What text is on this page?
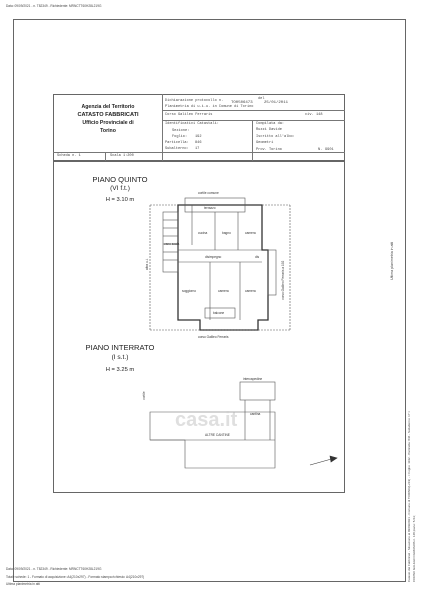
Data: 09/09/2021 - n. T82349 - Richiedente: MRNCTT60H28L219G
Agenzia del Territorio
CATASTO FABBRICATI
Ufficio Provinciale di
Torino
Dichiarazione protocollo n. TO0506473
del
25/01/2011
Planimetria di u.i.u. in Comune di Torino
Corso Galileo Ferraris	civ. 148
Identificativi Catastali:
Sezione:
Foglio: 192
Particella: 846
Subalterno: 17
Compilata da:
Ruzzi Davide
Iscritto all'albo:
Geometri
Prov. Torino	N. 9901
Scheda n. 1	Scala 1:200
PIANO QUINTO
(VI f.t.)
H = 3.10 m
PIANO INTERRATO
(I s.t.)
H = 3.25 m
cortile comune
terrazzo
cucina	bagno	camera
dis
disimpegno
soggiorno	camera	camera
balcone
vano scala
altra u.i.
corso Galileo Ferraris
corso Galileo Ferraris a 192
intercapedine
cantina
cortile
ALTRE CANTINE
casa.it
Ultima planimetria in atti
Catasto dei Fabbricati - Situazione al 09/09/2021 - Comune di TORINO(L219) - < Foglio: 1192 - Particella: 846 - Subalterno: 17 > CORSO GALILEO FERRARIS n. 148 piano: 5-S1;
Data: 09/09/2021 - n. T82349 - Richiedente: MRNCTT60H28L219G
Totale schede: 1 - Formato di acquisizione: A4(210x297) - Formato stampa richiesto: A4(210x297)
Ultima planimetria in atti
